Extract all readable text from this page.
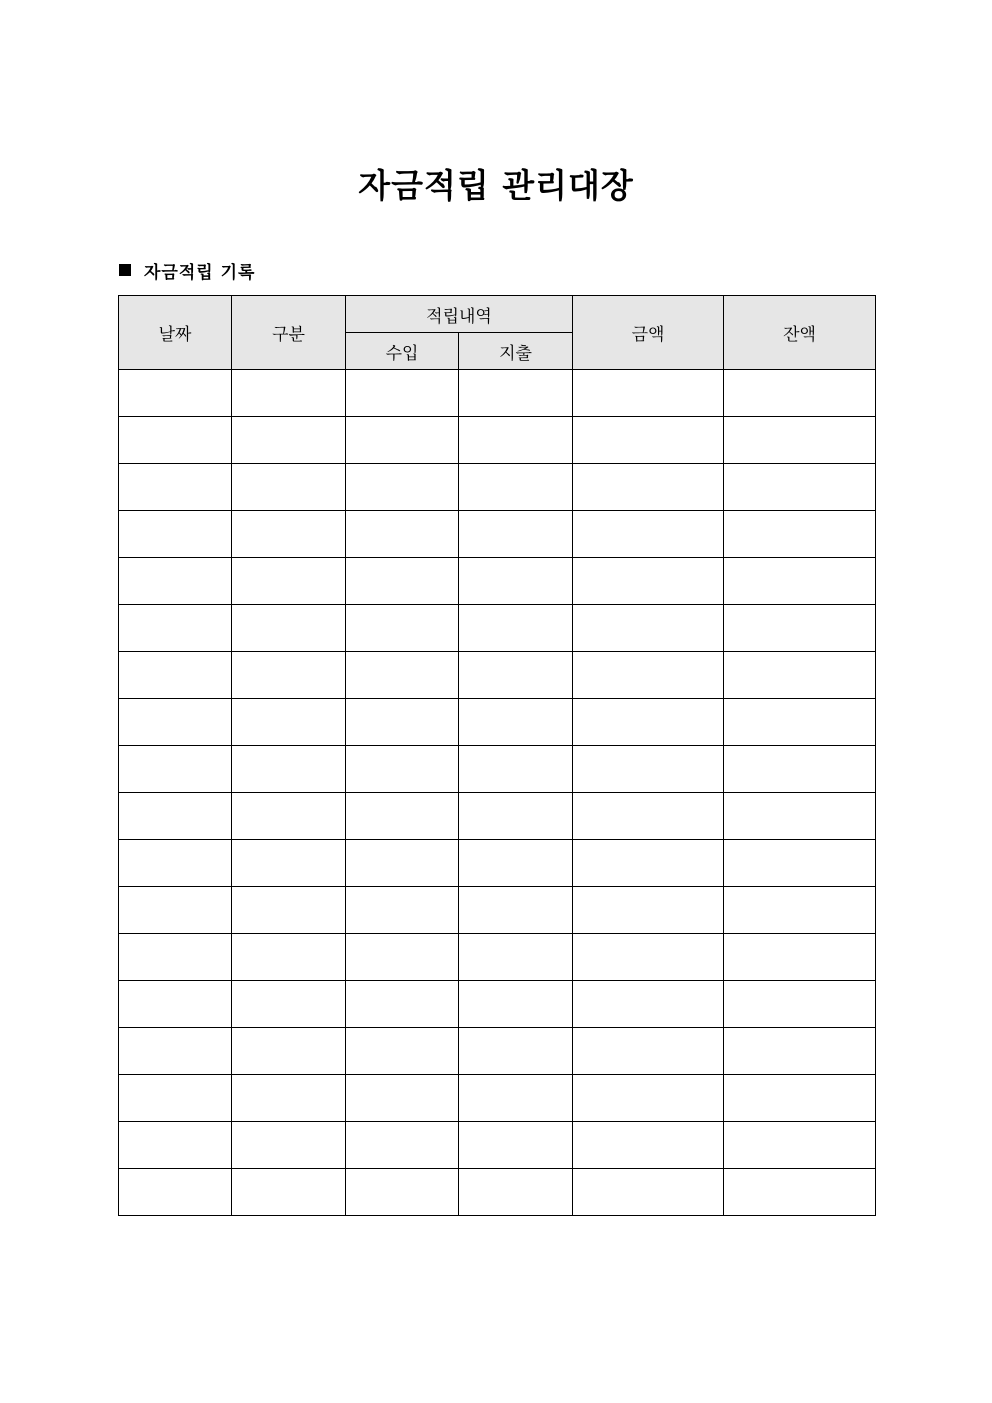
자금적립 관리대장
자금적립 기록
날짜	구분	적립내역		금액	잔액
		수입	지출		
